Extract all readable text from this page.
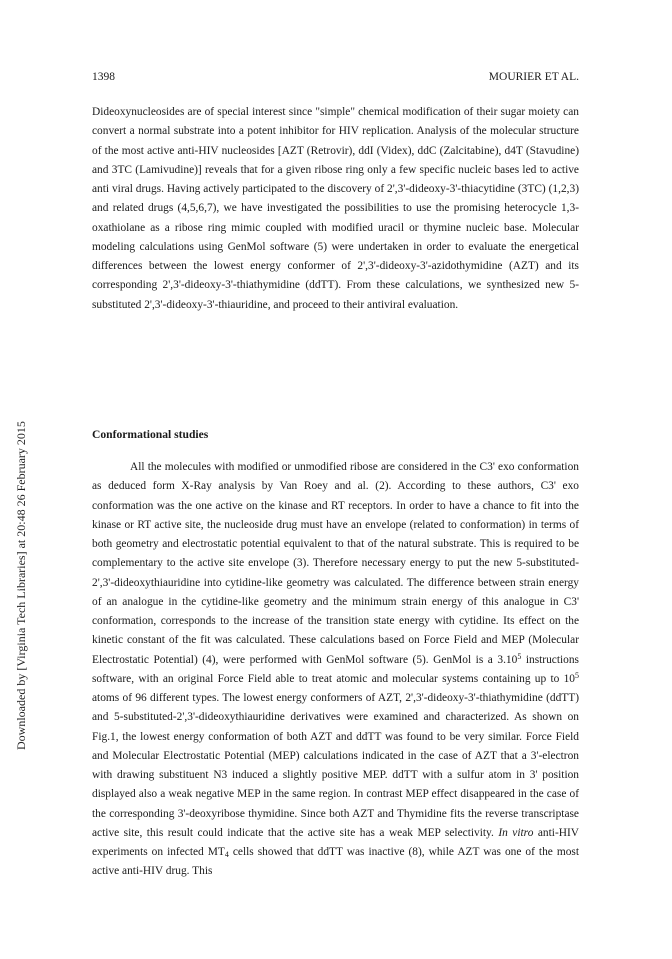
1398	MOURIER ET AL.
Downloaded by [Virginia Tech Libraries] at 20:48 26 February 2015

Dideoxynucleosides are of special interest since "simple" chemical modification of their sugar moiety can convert a normal substrate into a potent inhibitor for HIV replication. Analysis of the molecular structure of the most active anti-HIV nucleosides [AZT (Retrovir), ddI (Videx), ddC (Zalcitabine), d4T (Stavudine) and 3TC (Lamivudine)] reveals that for a given ribose ring only a few specific nucleic bases led to active anti viral drugs. Having actively participated to the discovery of 2',3'-dideoxy-3'-thiacytidine (3TC) (1,2,3) and related drugs (4,5,6,7), we have investigated the possibilities to use the promising heterocycle 1,3-oxathiolane as a ribose ring mimic coupled with modified uracil or thymine nucleic base. Molecular modeling calculations using GenMol software (5) were undertaken in order to evaluate the energetical differences between the lowest energy conformer of 2',3'-dideoxy-3'-azidothymidine (AZT) and its corresponding 2',3'-dideoxy-3'-thiathymidine (ddTT). From these calculations, we synthesized new 5-substituted 2',3'-dideoxy-3'-thiauridine, and proceed to their antiviral evaluation.

Conformational studies

All the molecules with modified or unmodified ribose are considered in the C3' exo conformation as deduced form X-Ray analysis by Van Roey and al. (2). According to these authors, C3' exo conformation was the one active on the kinase and RT receptors. In order to have a chance to fit into the kinase or RT active site, the nucleoside drug must have an envelope (related to conformation) in terms of both geometry and electrostatic potential equivalent to that of the natural substrate. This is required to be complementary to the active site envelope (3). Therefore necessary energy to put the new 5-substituted-2',3'-dideoxythiauridine into cytidine-like geometry was calculated. The difference between strain energy of an analogue in the cytidine-like geometry and the minimum strain energy of this analogue in C3' conformation, corresponds to the increase of the transition state energy with cytidine. Its effect on the kinetic constant of the fit was calculated. These calculations based on Force Field and MEP (Molecular Electrostatic Potential) (4), were performed with GenMol software (5). GenMol is a 3.10$^5$ instructions software, with an original Force Field able to treat atomic and molecular systems containing up to $10^5$ atoms of 96 different types. The lowest energy conformers of AZT, 2',3'-dideoxy-3'-thiathymidine (ddTT) and 5-substituted-2',3'-dideoxythiauridine derivatives were examined and characterized. As shown on Fig.1, the lowest energy conformation of both AZT and ddTT was found to be very similar. Force Field and Molecular Electrostatic Potential (MEP) calculations indicated in the case of AZT that a 3'-electron with drawing substituent N3 induced a slightly positive MEP. ddTT with a sulfur atom in 3' position displayed also a weak negative MEP in the same region. In contrast MEP effect disappeared in the case of the corresponding 3'-deoxyribose thymidine. Since both AZT and Thymidine fits the reverse transcriptase active site, this result could indicate that the active site has a weak MEP selectivity. In vitro anti-HIV experiments on infected $MT_4$ cells showed that ddTT was inactive (8), while AZT was one of the most active anti-HIV drug. This
